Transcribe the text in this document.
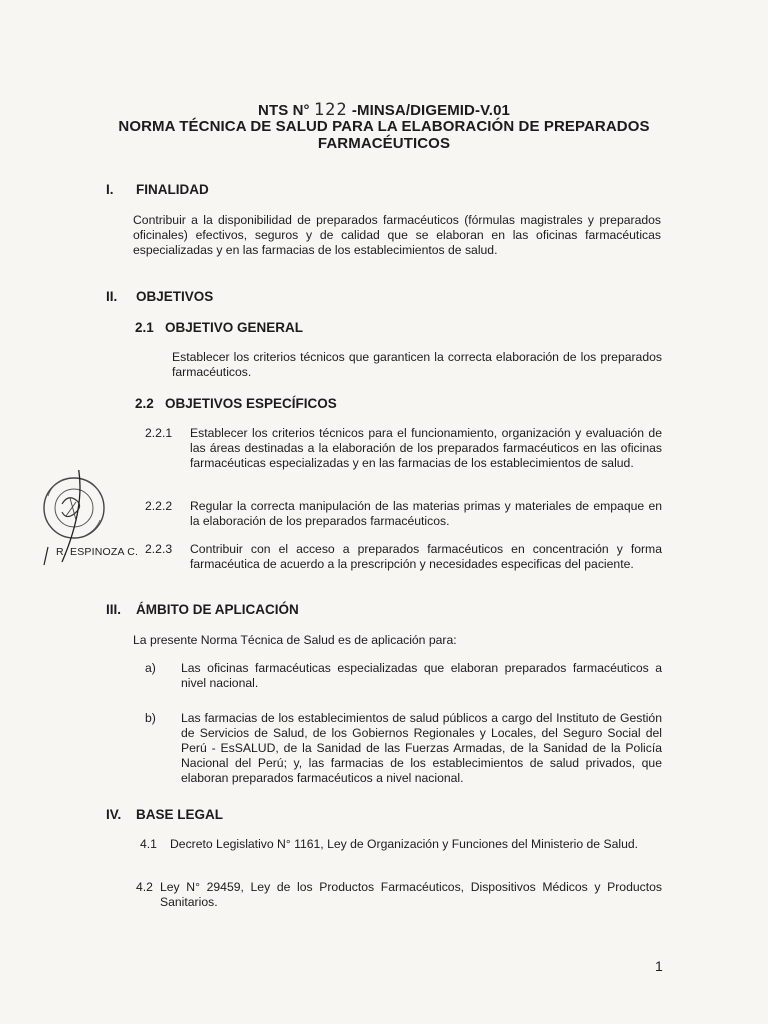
NTS N° 122 -MINSA/DIGEMID-V.01
NORMA TÉCNICA DE SALUD PARA LA ELABORACIÓN DE PREPARADOS
FARMACÉUTICOS
I. FINALIDAD
Contribuir a la disponibilidad de preparados farmacéuticos (fórmulas magistrales y preparados oficinales) efectivos, seguros y de calidad que se elaboran en las oficinas farmacéuticas especializadas y en las farmacias de los establecimientos de salud.
II. OBJETIVOS
2.1 OBJETIVO GENERAL
Establecer los criterios técnicos que garanticen la correcta elaboración de los preparados farmacéuticos.
2.2 OBJETIVOS ESPECÍFICOS
2.2.1 Establecer los criterios técnicos para el funcionamiento, organización y evaluación de las áreas destinadas a la elaboración de los preparados farmacéuticos en las oficinas farmacéuticas especializadas y en las farmacias de los establecimientos de salud.
2.2.2 Regular la correcta manipulación de las materias primas y materiales de empaque en la elaboración de los preparados farmacéuticos.
2.2.3 Contribuir con el acceso a preparados farmacéuticos en concentración y forma farmacéutica de acuerdo a la prescripción y necesidades especificas del paciente.
R. ESPINOZA C.
III. ÁMBITO DE APLICACIÓN
La presente Norma Técnica de Salud es de aplicación para:
a) Las oficinas farmacéuticas especializadas que elaboran preparados farmacéuticos a nivel nacional.
b) Las farmacias de los establecimientos de salud públicos a cargo del Instituto de Gestión de Servicios de Salud, de los Gobiernos Regionales y Locales, del Seguro Social del Perú - EsSALUD, de la Sanidad de las Fuerzas Armadas, de la Sanidad de la Policía Nacional del Perú; y, las farmacias de los establecimientos de salud privados, que elaboran preparados farmacéuticos a nivel nacional.
IV. BASE LEGAL
4.1 Decreto Legislativo N° 1161, Ley de Organización y Funciones del Ministerio de Salud.
4.2 Ley N° 29459, Ley de los Productos Farmacéuticos, Dispositivos Médicos y Productos Sanitarios.
1
